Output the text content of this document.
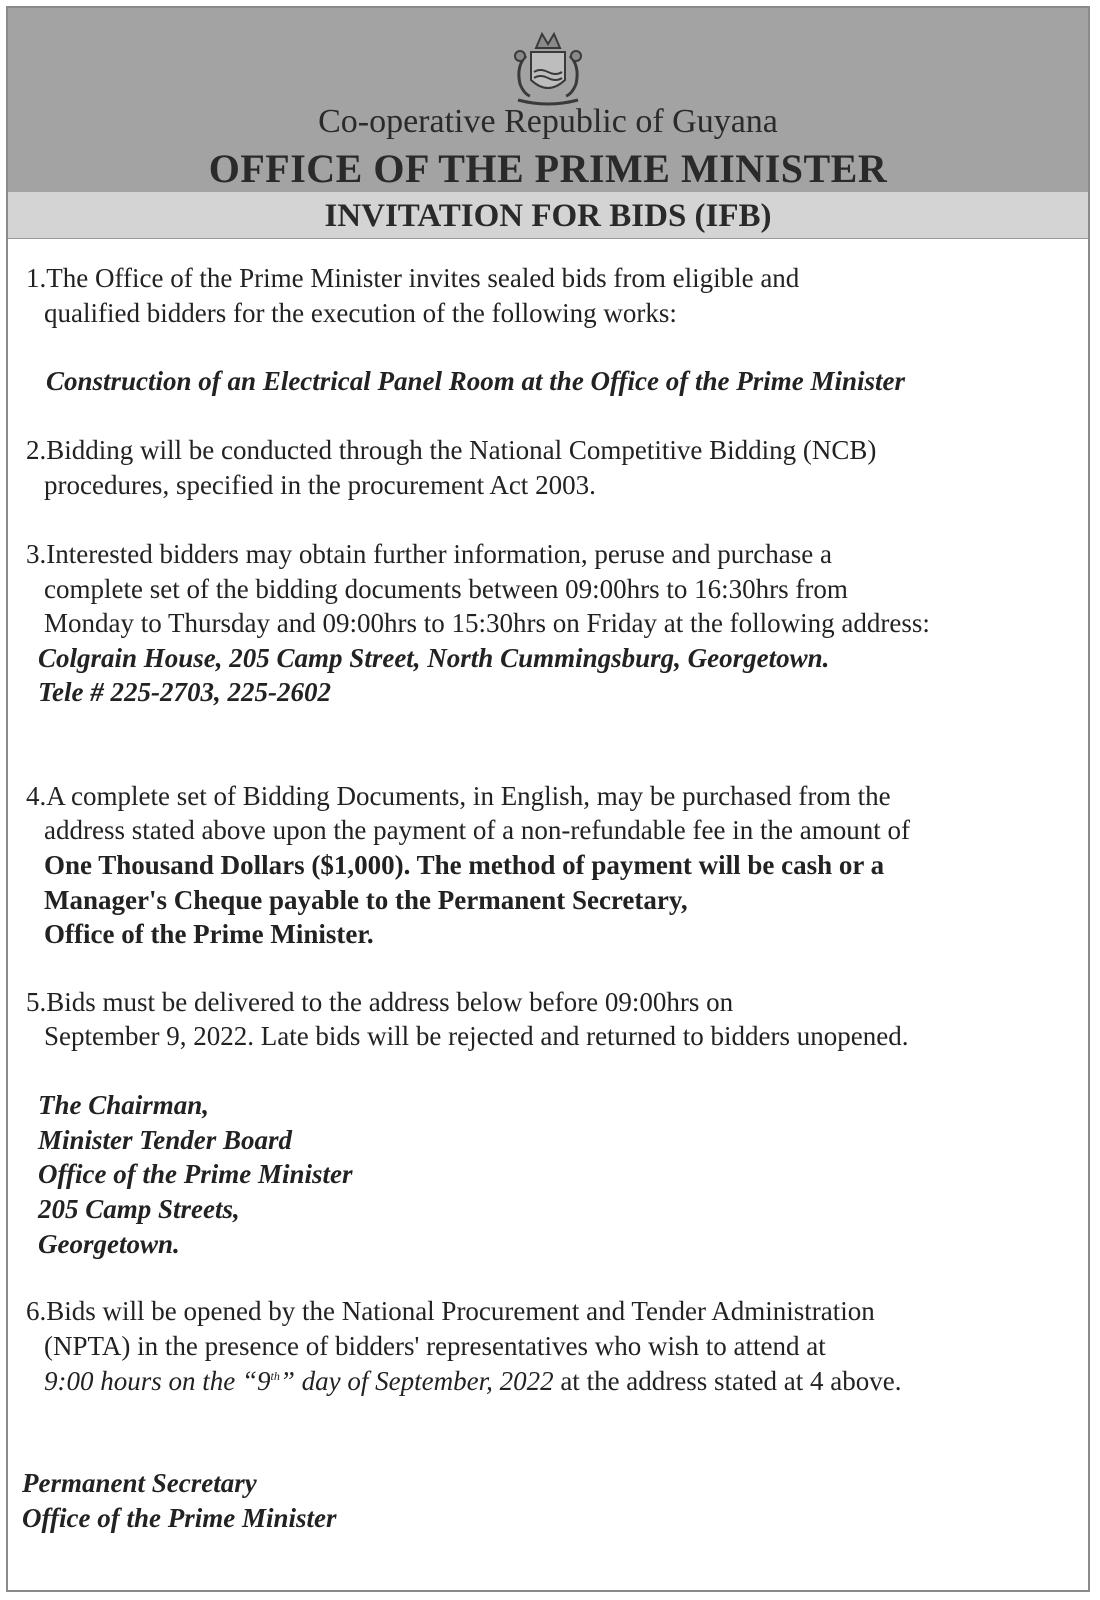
Co-operative Republic of Guyana
OFFICE OF THE PRIME MINISTER
INVITATION FOR BIDS (IFB)
1.The Office of the Prime Minister invites sealed bids from eligible and
qualified bidders for the execution of the following works:
Construction of an Electrical Panel Room at the Office of the Prime Minister
2.Bidding will be conducted through the National Competitive Bidding (NCB)
procedures, specified in the procurement Act 2003.
3.Interested bidders may obtain further information, peruse and purchase a
complete set of the bidding documents between 09:00hrs to 16:30hrs from
Monday to Thursday and 09:00hrs to 15:30hrs on Friday at the following address:
Colgrain House, 205 Camp Street, North Cummingsburg, Georgetown.
Tele # 225-2703, 225-2602
4.A complete set of Bidding Documents, in English, may be purchased from the
address stated above upon the payment of a non-refundable fee in the amount of
One Thousand Dollars ($1,000). The method of payment will be cash or a
Manager's Cheque payable to the Permanent Secretary,
Office of the Prime Minister.
5.Bids must be delivered to the address below before 09:00hrs on
September 9, 2022. Late bids will be rejected and returned to bidders unopened.
The Chairman,
Minister Tender Board
Office of the Prime Minister
205 Camp Streets,
Georgetown.
6.Bids will be opened by the National Procurement and Tender Administration
(NPTA) in the presence of bidders' representatives who wish to attend at
9:00 hours on the “9th” day of September, 2022 at the address stated at 4 above.
Permanent Secretary
Office of the Prime Minister
